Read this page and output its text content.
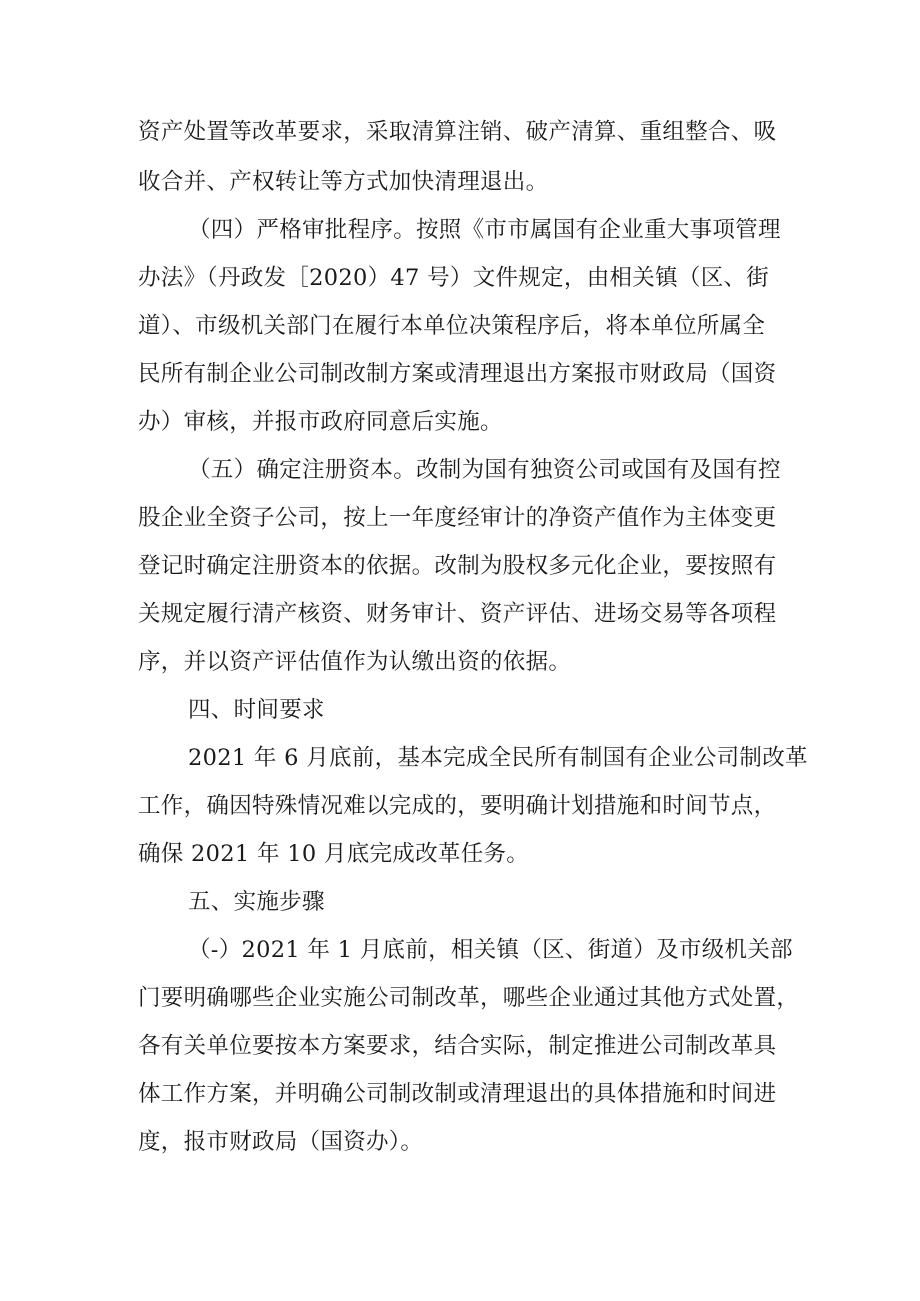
资产处置等改革要求，采取清算注销、破产清算、重组整合、吸

收合并、产权转让等方式加快清理退出。

（四）严格审批程序。按照《市市属国有企业重大事项管理

办法》（丹政发［2020）47 号）文件规定，由相关镇（区、街

道）、市级机关部门在履行本单位决策程序后，将本单位所属全

民所有制企业公司制改制方案或清理退出方案报市财政局（国资

办）审核，并报市政府同意后实施。

（五）确定注册资本。改制为国有独资公司或国有及国有控

股企业全资子公司，按上一年度经审计的净资产值作为主体变更

登记时确定注册资本的依据。改制为股权多元化企业，要按照有

关规定履行清产核资、财务审计、资产评估、进场交易等各项程

序，并以资产评估值作为认缴出资的依据。

四、时间要求

2021 年 6 月底前，基本完成全民所有制国有企业公司制改革

工作，确因特殊情况难以完成的，要明确计划措施和时间节点，

确保 2021 年 10 月底完成改革任务。

五、实施步骤

（-）2021 年 1 月底前，相关镇（区、街道）及市级机关部

门要明确哪些企业实施公司制改革，哪些企业通过其他方式处置，

各有关单位要按本方案要求，结合实际，制定推进公司制改革具

体工作方案，并明确公司制改制或清理退出的具体措施和时间进

度，报市财政局（国资办）。
